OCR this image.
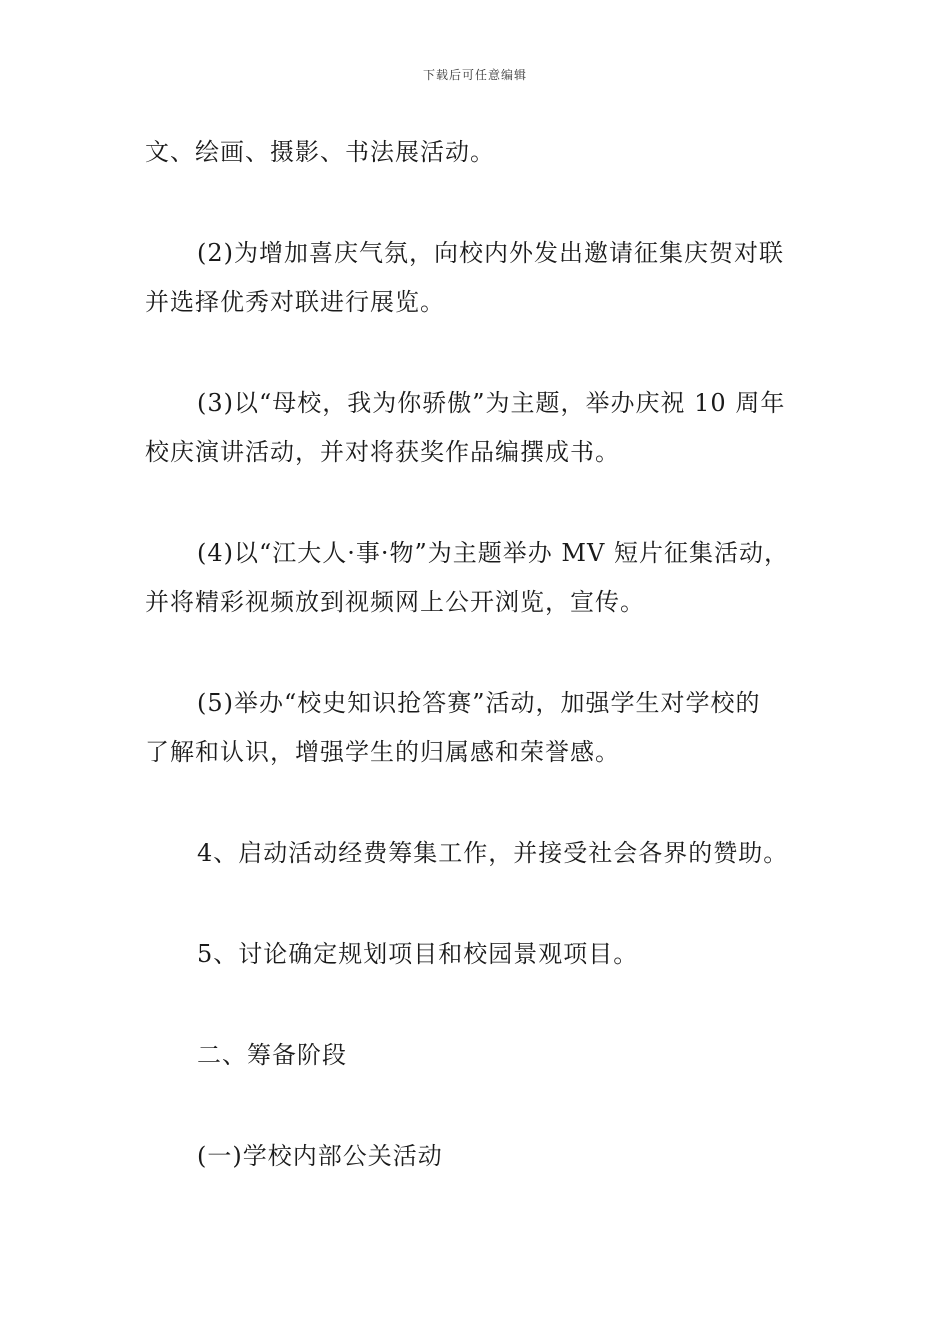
下载后可任意编辑
文、绘画、摄影、书法展活动。
(2)为增加喜庆气氛，向校内外发出邀请征集庆贺对联
并选择优秀对联进行展览。
(3)以“母校，我为你骄傲”为主题，举办庆祝 10 周年
校庆演讲活动，并对将获奖作品编撰成书。
(4)以“江大人·事·物”为主题举办 MV 短片征集活动，
并将精彩视频放到视频网上公开浏览，宣传。
(5)举办“校史知识抢答赛”活动，加强学生对学校的
了解和认识，增强学生的归属感和荣誉感。
4、启动活动经费筹集工作，并接受社会各界的赞助。
5、讨论确定规划项目和校园景观项目。
二、筹备阶段
(一)学校内部公关活动
